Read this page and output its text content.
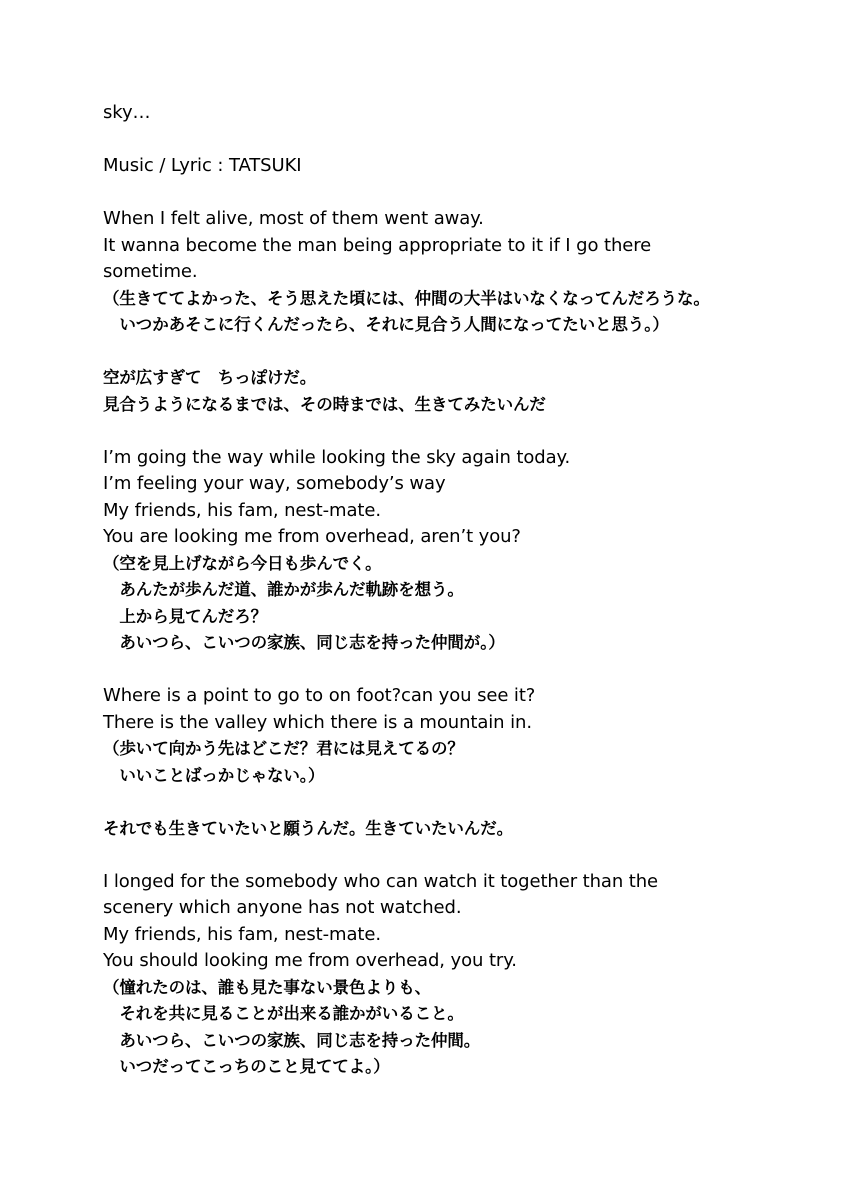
sky…
Music / Lyric : TATSUKI
When I felt alive, most of them went away.
It wanna become the man being appropriate to it if I go there
sometime.
（生きててよかった、そう思えた頃には、仲間の大半はいなくなってんだろうな。
　いつかあそこに行くんだったら、それに見合う人間になってたいと思う。）
空が広すぎて　ちっぽけだ。
見合うようになるまでは、その時までは、生きてみたいんだ
I’m going the way while looking the sky again today.
I’m feeling your way, somebody’s way
My friends, his fam, nest-mate.
You are looking me from overhead, aren’t you?
（空を見上げながら今日も歩んでく。
　あんたが歩んだ道、誰かが歩んだ軌跡を想う。
　上から見てんだろ？
　あいつら、こいつの家族、同じ志を持った仲間が。）
Where is a point to go to on foot?can you see it?
There is the valley which there is a mountain in.
（歩いて向かう先はどこだ？君には見えてるの？
　いいことばっかじゃない。）
それでも生きていたいと願うんだ。生きていたいんだ。
I longed for the somebody who can watch it together than the
scenery which anyone has not watched.
My friends, his fam, nest-mate.
You should looking me from overhead, you try.
（憧れたのは、誰も見た事ない景色よりも、
　それを共に見ることが出来る誰かがいること。
　あいつら、こいつの家族、同じ志を持った仲間。
　いつだってこっちのこと見ててよ。）
